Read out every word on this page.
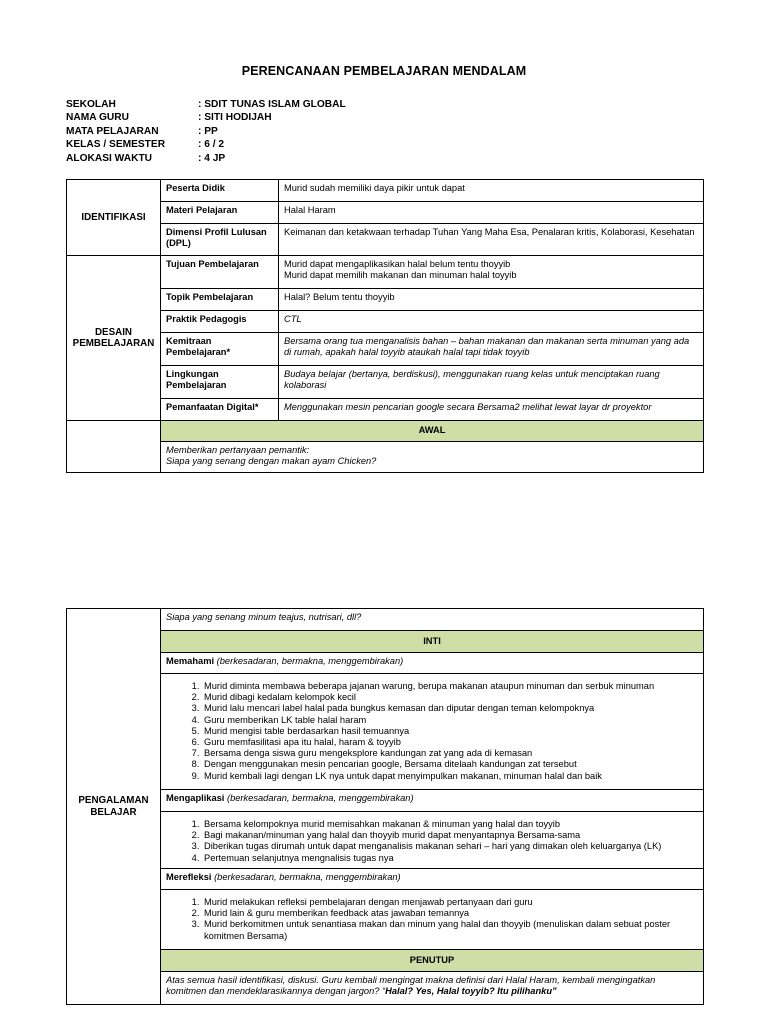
PERENCANAAN PEMBELAJARAN MENDALAM
SEKOLAH	: SDIT TUNAS ISLAM GLOBAL
NAMA GURU	: SITI HODIJAH
MATA PELAJARAN	: PP
KELAS / SEMESTER	: 6 / 2
ALOKASI WAKTU	: 4 JP
IDENTIFIKASI	Peserta Didik	Murid sudah memiliki daya pikir untuk dapat
	Materi Pelajaran	Halal Haram
	Dimensi Profil Lulusan (DPL)	Keimanan dan ketakwaan terhadap Tuhan Yang Maha Esa, Penalaran kritis, Kolaborasi, Kesehatan
DESAIN PEMBELAJARAN	Tujuan Pembelajaran	Murid dapat mengaplikasikan halal belum tentu thoyyib
Murid dapat memilih makanan dan minuman halal toyyib

	Topik Pembelajaran	Halal? Belum tentu thoyyib
	Praktik Pedagogis	CTL
	Kemitraan Pembelajaran*	Bersama orang tua menganalisis bahan – bahan makanan dan makanan serta minuman yang ada di rumah, apakah halal toyyib ataukah halal tapi tidak toyyib
	Lingkungan Pembelajaran	Budaya belajar (bertanya, berdiskusi), menggunakan ruang kelas untuk menciptakan ruang kolaborasi
	Pemanfaatan Digital*	Menggunakan mesin pencarian google secara Bersama2 melihat lewat layar dr proyektor
	AWAL	

	Memberikan pertanyaan pemantik:
Siapa yang senang dengan makan ayam Chicken?	
PENGALAMAN BELAJAR	Siapa yang senang minum teajus, nutrisari, dll?
INTI
Memahami (berkesadaran, bermakna, menggembirakan)

1. Murid diminta membawa beberapa jajanan warung, berupa makanan ataupun minuman dan serbuk minuman
2. Murid dibagi kedalam kelompok kecil
3. Murid lalu mencari label halal pada bungkus kemasan dan diputar dengan teman kelompoknya
4. Guru memberikan LK table halal haram
5. Murid mengisi table berdasarkan hasil temuannya
6. Guru memfasilitasi apa itu halal, haram & toyyib
7. Bersama denga siswa guru mengeksplore kandungan zat yang ada di kemasan
8. Dengan menggunakan mesin pencarian google, Bersama ditelaah kandungan zat tersebut
9. Murid kembali lagi dengan LK nya untuk dapat menyimpulkan makanan, minuman halal dan baik

Mengaplikasi (berkesadaran, bermakna, menggembirakan)

1. Bersama kelompoknya murid memisahkan makanan & minuman yang halal dan toyyib
2. Bagi makanan/minuman yang halal dan thoyyib murid dapat menyantapnya Bersama-sama
3. Diberikan tugas dirumah untuk dapat menganalisis makanan sehari – hari yang dimakan oleh keluarganya (LK)
4. Pertemuan selanjutnya mengnalisis tugas nya

Merefleksi (berkesadaran, bermakna, menggembirakan)

1. Murid melakukan refleksi pembelajaran dengan menjawab pertanyaan dari guru
2. Murid lain & guru memberikan feedback atas jawaban temannya
3. Murid berkomitmen untuk senantiasa makan dan minum yang halal dan thoyyib (menuliskan dalam sebuat poster komitmen Bersama)

PENUTUP
Atas semua hasil identifikasi, diskusi. Guru kembali mengingat makna definisi dari Halal Haram, kembali mengingatkan komitmen dan mendeklarasikannya dengan jargon? “Halal? Yes, Halal toyyib? Itu pilihanku”
